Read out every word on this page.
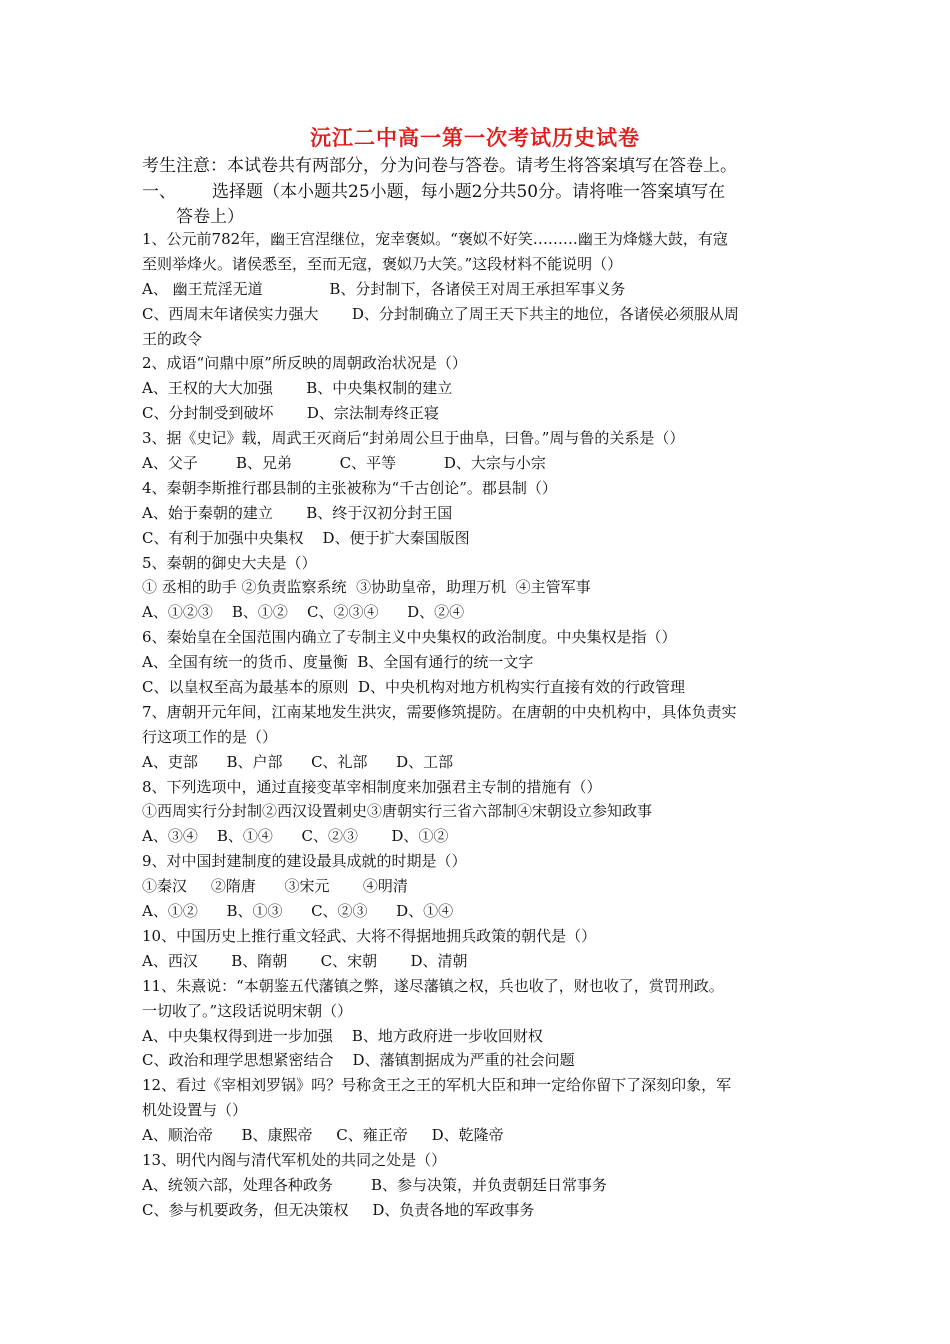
沅江二中高一第一次考试历史试卷
考生注意：本试卷共有两部分，分为问卷与答卷。请考生将答案填写在答卷上。
一、 选择题（本小题共25小题，每小题2分共50分。请将唯一答案填写在
答卷上）
1、公元前782年，幽王宫涅继位，宠幸褒姒。“褒姒不好笑………幽王为烽燧大鼓，有寇
至则举烽火。诸侯悉至，至而无寇，褒姒乃大笑。”这段材料不能说明（）
A、 幽王荒淫无道              B、分封制下，各诸侯王对周王承担军事义务
C、西周末年诸侯实力强大       D、分封制确立了周王天下共主的地位，各诸侯必须服从周
王的政令
2、成语“问鼎中原”所反映的周朝政治状况是（）
A、王权的大大加强       B、中央集权制的建立
C、分封制受到破坏       D、宗法制寿终正寝
3、据《史记》载，周武王灭商后“封弟周公旦于曲阜，曰鲁。”周与鲁的关系是（）
A、父子        B、兄弟          C、平等          D、大宗与小宗
4、秦朝李斯推行郡县制的主张被称为“千古创论”。郡县制（）
A、始于秦朝的建立       B、终于汉初分封王国
C、有利于加强中央集权    D、便于扩大秦国版图
5、秦朝的御史大夫是（）
① 丞相的助手 ②负责监察系统  ③协助皇帝，助理万机  ④主管军事
A、①②③    B、①②    C、②③④      D、②④
6、秦始皇在全国范围内确立了专制主义中央集权的政治制度。中央集权是指（）
A、全国有统一的货币、度量衡  B、全国有通行的统一文字
C、以皇权至高为最基本的原则  D、中央机构对地方机构实行直接有效的行政管理
7、唐朝开元年间，江南某地发生洪灾，需要修筑提防。在唐朝的中央机构中，具体负责实
行这项工作的是（）
A、吏部      B、户部      C、礼部      D、工部
8、下列选项中，通过直接变革宰相制度来加强君主专制的措施有（）
①西周实行分封制②西汉设置刺史③唐朝实行三省六部制④宋朝设立参知政事
A、③④    B、①④      C、②③       D、①②
9、对中国封建制度的建设最具成就的时期是（）
①秦汉     ②隋唐      ③宋元       ④明清
A、①②      B、①③      C、②③      D、①④
10、中国历史上推行重文轻武、大将不得据地拥兵政策的朝代是（）
A、西汉       B、隋朝       C、宋朝       D、清朝
11、朱熹说：“本朝鉴五代藩镇之弊，遂尽藩镇之权，兵也收了，财也收了，赏罚刑政。
一切收了。”这段话说明宋朝（）
A、中央集权得到进一步加强    B、地方政府进一步收回财权
C、政治和理学思想紧密结合    D、藩镇割据成为严重的社会问题
12、看过《宰相刘罗锅》吗？号称贪王之王的军机大臣和珅一定给你留下了深刻印象，军
机处设置与（）
A、顺治帝      B、康熙帝     C、雍正帝     D、乾隆帝
13、明代内阁与清代军机处的共同之处是（）
A、统领六部，处理各种政务        B、参与决策，并负责朝廷日常事务
C、参与机要政务，但无决策权     D、负责各地的军政事务
